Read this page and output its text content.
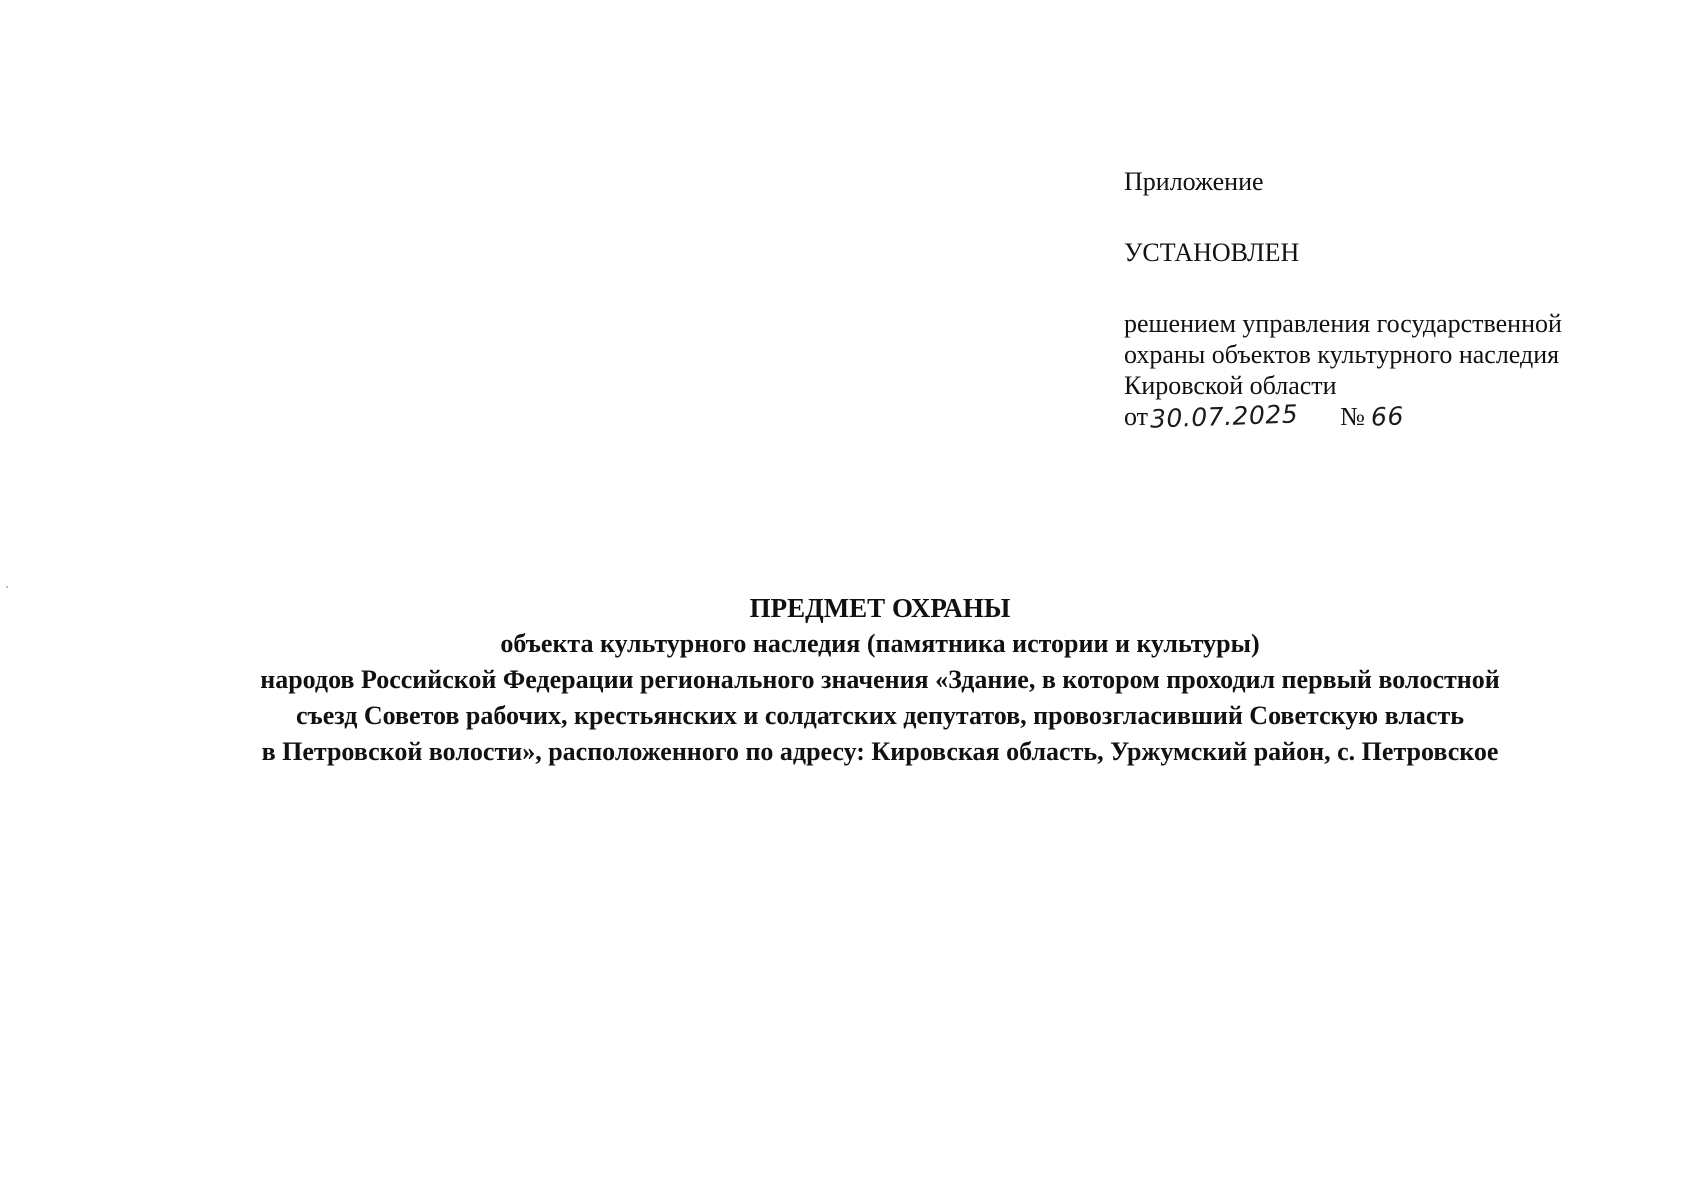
Приложение
УСТАНОВЛЕН
решением управления государственной
охраны объектов культурного наследия
Кировской области
от30.07.2025 № 66
ПРЕДМЕТ ОХРАНЫ
объекта культурного наследия (памятника истории и культуры)
народов Российской Федерации регионального значения «Здание, в котором проходил первый волостной
съезд Советов рабочих, крестьянских и солдатских депутатов, провозгласивший Советскую власть
в Петровской волости», расположенного по адресу: Кировская область, Уржумский район, с. Петровское
